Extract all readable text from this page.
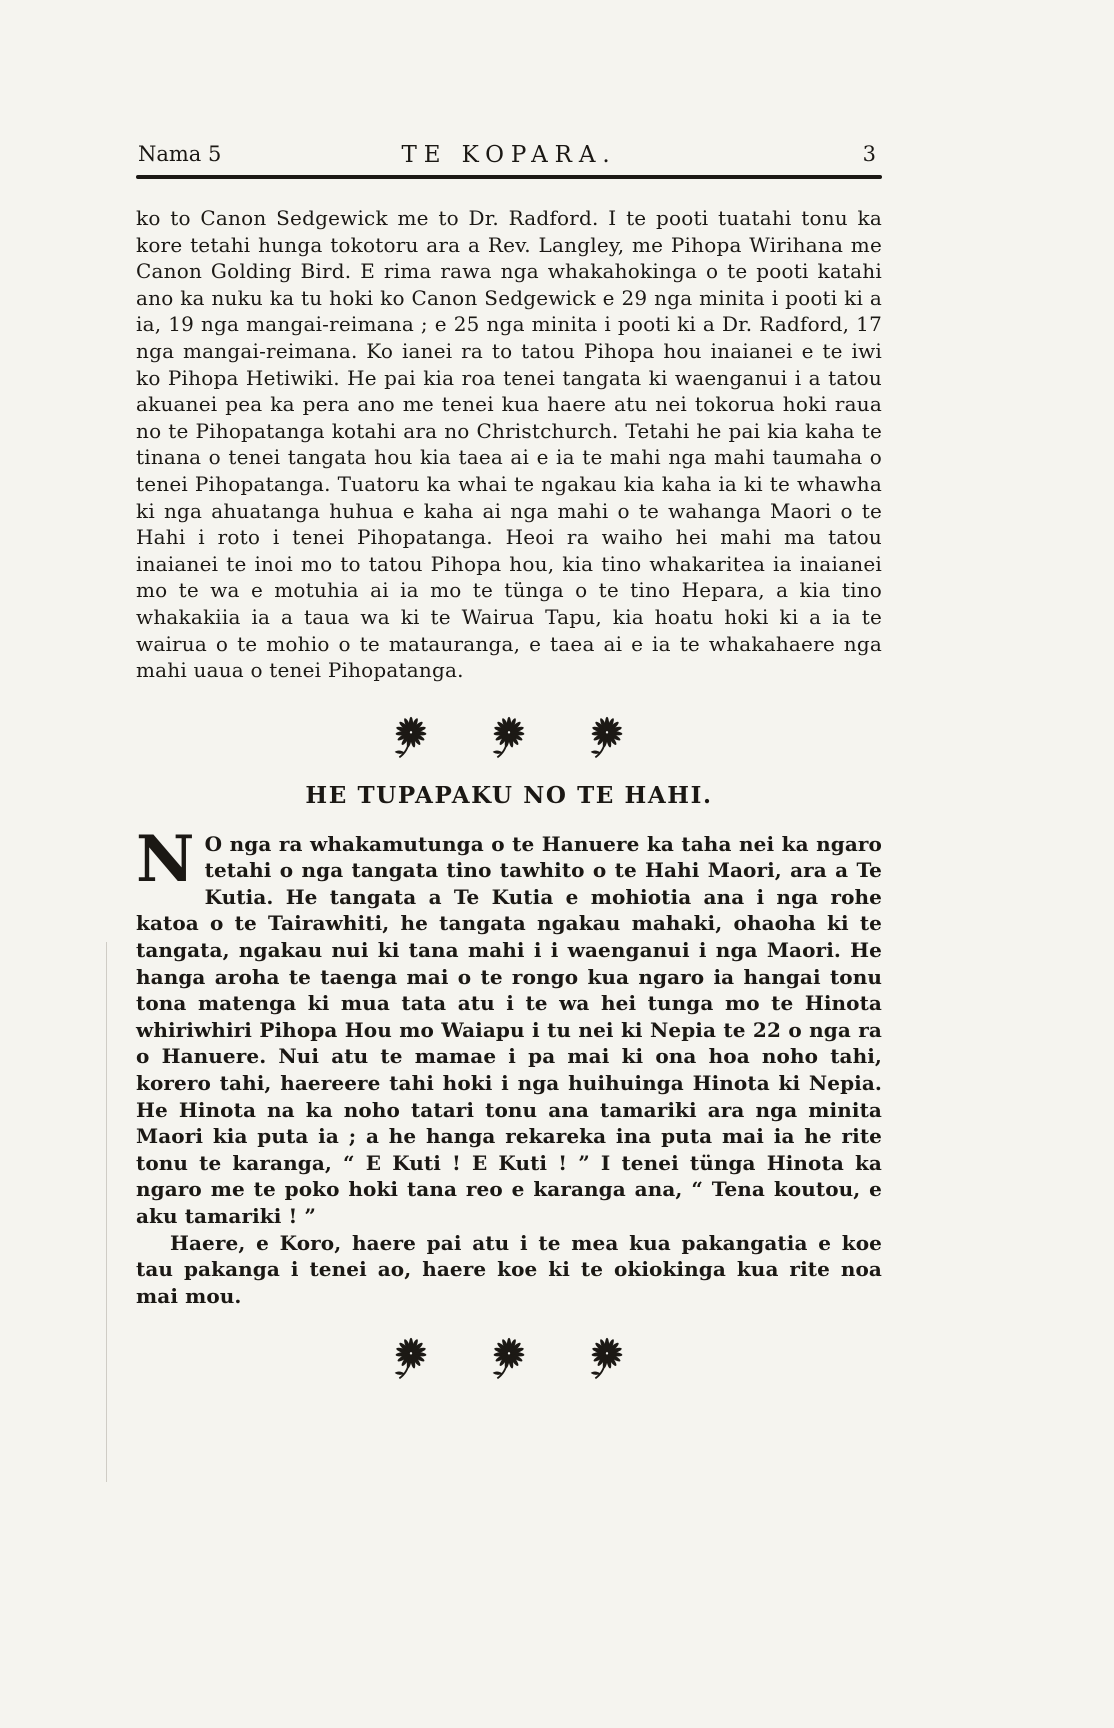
Nama 5	TE KOPARA.	3

ko to Canon Sedgewick me to Dr. Radford. I te pooti tuatahi tonu ka kore tetahi hunga tokotoru ara a Rev. Langley, me Pihopa Wirihana me Canon Golding Bird. E rima rawa nga whakahokinga o te pooti katahi ano ka nuku ka tu hoki ko Canon Sedgewick e 29 nga minita i pooti ki a ia, 19 nga mangai-reimana ; e 25 nga minita i pooti ki a Dr. Radford, 17 nga mangai-reimana. Ko ianei ra to tatou Pihopa hou inaianei e te iwi ko Pihopa Hetiwiki. He pai kia roa tenei tangata ki waenganui i a tatou akuanei pea ka pera ano me tenei kua haere atu nei tokorua hoki raua no te Pihopatanga kotahi ara no Christchurch. Tetahi he pai kia kaha te tinana o tenei tangata hou kia taea ai e ia te mahi nga mahi taumaha o tenei Pihopatanga. Tuatoru ka whai te ngakau kia kaha ia ki te whawha ki nga ahuatanga huhua e kaha ai nga mahi o te wahanga Maori o te Hahi i roto i tenei Pihopatanga. Heoi ra waiho hei mahi ma tatou inaianei te inoi mo to tatou Pihopa hou, kia tino whakaritea ia inaianei mo te wa e motuhia ai ia mo te tünga o te tino Hepara, a kia tino whakakiia ia a taua wa ki te Wairua Tapu, kia hoatu hoki ki a ia te wairua o te mohio o te matauranga, e taea ai e ia te whakahaere nga mahi uaua o tenei Pihopatanga.

HE TUPAPAKU NO TE HAHI.

N O nga ra whakamutunga o te Hanuere ka taha nei ka ngaro tetahi o nga tangata tino tawhito o te Hahi Maori, ara a Te Kutia. He tangata a Te Kutia e mohiotia ana i nga rohe katoa o te Tairawhiti, he tangata ngakau mahaki, ohaoha ki te tangata, ngakau nui ki tana mahi i i waenganui i nga Maori. He hanga aroha te taenga mai o te rongo kua ngaro ia hangai tonu tona matenga ki mua tata atu i te wa hei tunga mo te Hinota whiriwhiri Pihopa Hou mo Waiapu i tu nei ki Nepia te 22 o nga ra o Hanuere. Nui atu te mamae i pa mai ki ona hoa noho tahi, korero tahi, haereere tahi hoki i nga huihuinga Hinota ki Nepia. He Hinota na ka noho tatari tonu ana tamariki ara nga minita Maori kia puta ia ; a he hanga rekareka ina puta mai ia he rite tonu te karanga, “ E Kuti ! E Kuti ! ” I tenei tünga Hinota ka ngaro me te poko hoki tana reo e karanga ana, “ Tena koutou, e aku tamariki ! ”

Haere, e Koro, haere pai atu i te mea kua pakangatia e koe tau pakanga i tenei ao, haere koe ki te okiokinga kua rite noa mai mou.
